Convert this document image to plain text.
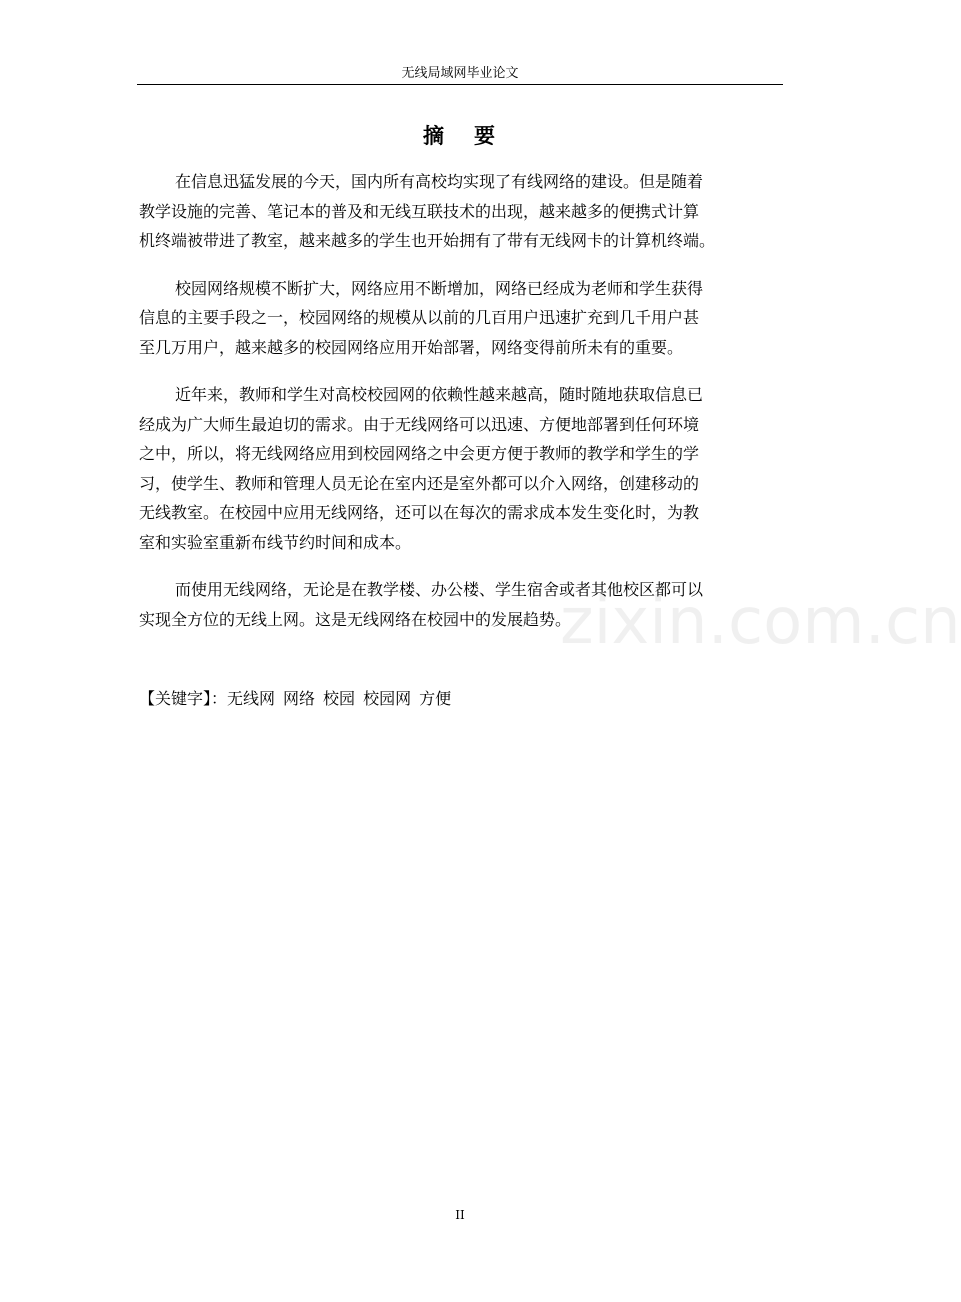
无线局域网毕业论文
摘 要
zixin.com.cn
在信息迅猛发展的今天，国内所有高校均实现了有线网络的建设。但是随着
教学设施的完善、笔记本的普及和无线互联技术的出现，越来越多的便携式计算
机终端被带进了教室，越来越多的学生也开始拥有了带有无线网卡的计算机终端。
校园网络规模不断扩大，网络应用不断增加，网络已经成为老师和学生获得
信息的主要手段之一，校园网络的规模从以前的几百用户迅速扩充到几千用户甚
至几万用户，越来越多的校园网络应用开始部署，网络变得前所未有的重要。
近年来，教师和学生对高校校园网的依赖性越来越高，随时随地获取信息已
经成为广大师生最迫切的需求。由于无线网络可以迅速、方便地部署到任何环境
之中，所以，将无线网络应用到校园网络之中会更方便于教师的教学和学生的学
习，使学生、教师和管理人员无论在室内还是室外都可以介入网络，创建移动的
无线教室。在校园中应用无线网络，还可以在每次的需求成本发生变化时，为教
室和实验室重新布线节约时间和成本。
而使用无线网络，无论是在教学楼、办公楼、学生宿舍或者其他校区都可以
实现全方位的无线上网。这是无线网络在校园中的发展趋势。
【关键字】：无线网 网络 校园 校园网 方便
II
